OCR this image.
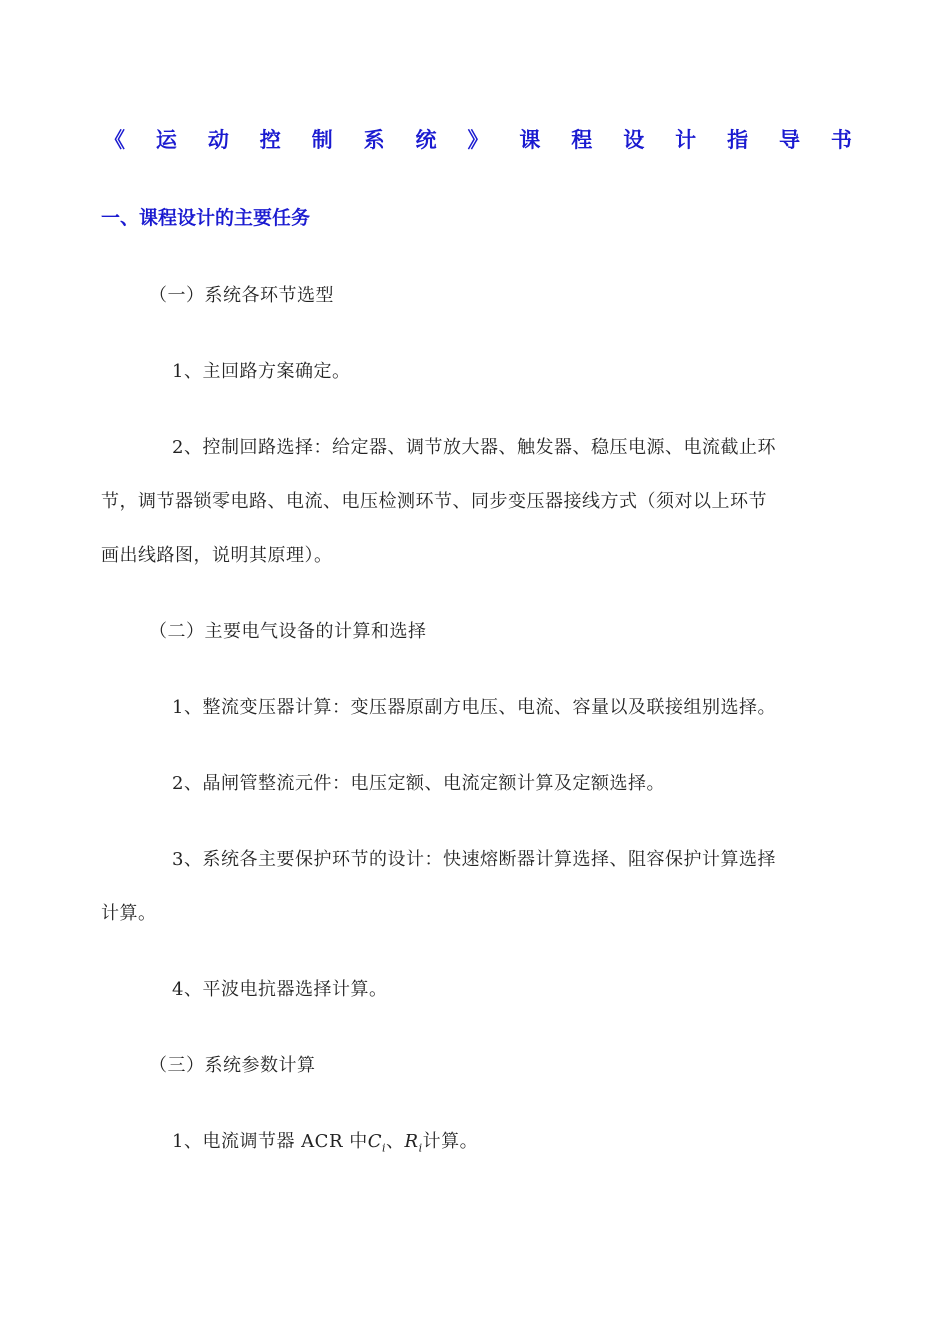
《 运 动 控 制 系 统 》 课 程 设 计 指 导 书
一、课程设计的主要任务
（一）系统各环节选型
1、主回路方案确定。
2、控制回路选择：给定器、调节放大器、触发器、稳压电源、电流截止环
节，调节器锁零电路、电流、电压检测环节、同步变压器接线方式（须对以上环节
画出线路图，说明其原理）。
（二）主要电气设备的计算和选择
1、整流变压器计算：变压器原副方电压、电流、容量以及联接组别选择。
2、晶闸管整流元件：电压定额、电流定额计算及定额选择。
3、系统各主要保护环节的设计：快速熔断器计算选择、阻容保护计算选择
计算。
4、平波电抗器选择计算。
（三）系统参数计算
1、电流调节器 ACR 中$C_i$、$R_i$计算。
